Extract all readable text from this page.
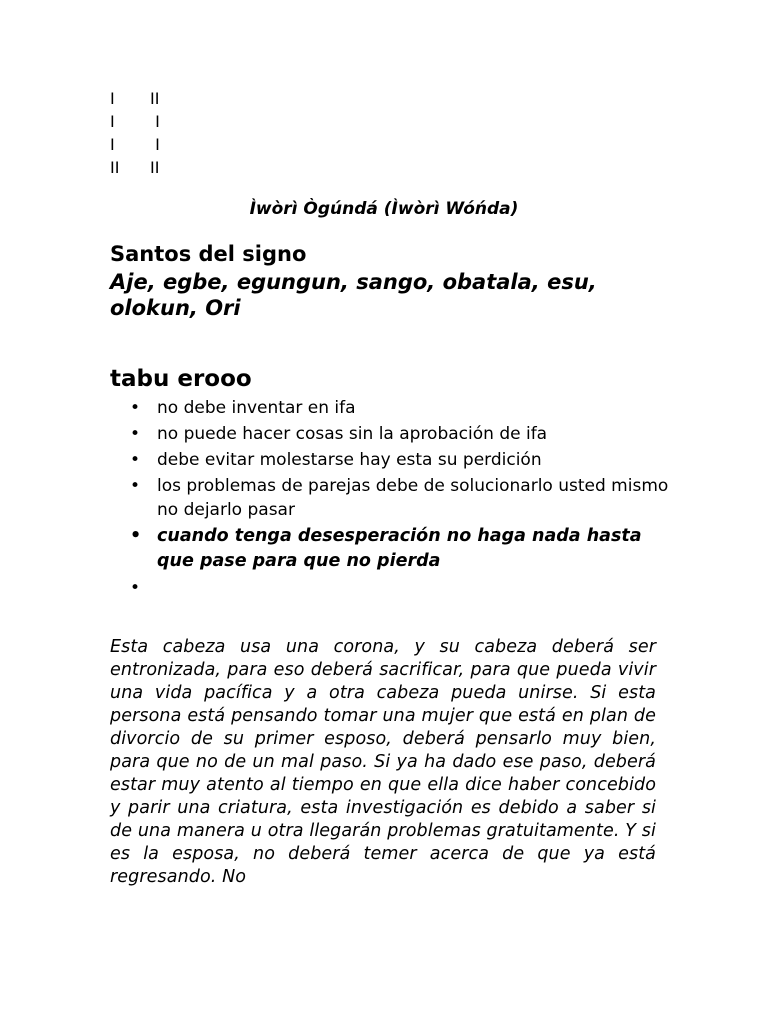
I	II
I	I
I	I
II	II
Ìwòrì Ògúndá (Ìwòrì Wóńda)
Santos del signo
Aje, egbe, egungun, sango, obatala, esu, olokun, Ori
tabu erooo
• no debe inventar en ifa
• no puede hacer cosas sin la aprobación de ifa
• debe evitar molestarse hay esta su perdición
• los problemas de parejas debe de solucionarlo usted mismo no dejarlo pasar
• cuando tenga desesperación no haga nada hasta que pase para que no pierda
•
Esta cabeza usa una corona, y su cabeza deberá ser entronizada, para eso deberá sacrificar, para que pueda vivir una vida pacífica y a otra cabeza pueda unirse. Si esta persona está pensando tomar una mujer que está en plan de divorcio de su primer esposo, deberá pensarlo muy bien, para que no de un mal paso. Si ya ha dado ese paso, deberá estar muy atento al tiempo en que ella dice haber concebido y parir una criatura, esta investigación es debido a saber si de una manera u otra llegarán problemas gratuitamente. Y si es la esposa, no deberá temer acerca de que ya está regresando. No
